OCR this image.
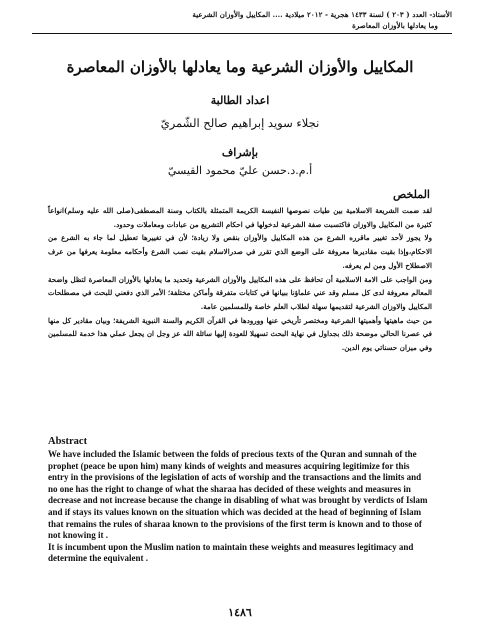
الأستاذ- العدد ( ٢٠٣ ) لسنة ١٤٣٣ هجرية - ٢٠١٢ ميلادية .... المكاييل والأوزان الشرعية
وما يعادلها بالأوزان المعاصرة
المكاييل والأوزان الشرعية وما يعادلها بالأوزان المعاصرة
اعداد الطالبة
نجلاء سويد إبراهيم صالح الشّمريّ
بإشراف
أ.م.د.حسن عليّ محمود القيسيّ
الملخص

لقد ضمت الشريعة الاسلامية بين طيات نصوصها النفيسة الكريمة المتمثلة بالكتاب وسنة المصطفى(صلى الله عليه وسلم)انواعاً كثيرة من المكاييل والاوزان فاكتسبت صفة الشرعية لدخولها في احكام التشريع من عبادات ومعاملات وحدود.

ولا يجوز لأحد تغيير ماقرره الشرع من هذه المكاييل والأوزان بنقص ولا زيادة؛ لأن في تغييرها تعطيل لما جاء به الشرع من الاحكام،وإذا بقيت مقاديرها معروفة على الوضع الذي تقرر في صدرالاسلام بقيت نصب الشرع وأحكامه معلومة يعرفها من عرف الاصطلاح الأول ومن لم يعرفه.

ومن الواجب على الامة الاسلامية أن تحافظ على هذه المكاييل والأوزان الشرعية وتحديد ما يعادلها بالأوزان المعاصرة لتظل واضحة المعالم معروفة لدى كل مسلم وقد عني علماؤنا ببيانها في كتابات متفرقة وأماكن مختلفة؛ الأمر الذي دفعني للبحث في مصطلحات المكاييل والاوزان الشرعية لتقديمها سهلة لطلاب العلم خاصة وللمسلمين عامة.

من حيث ماهيتها وأهميتها الشرعية ومختصر تأريخي عنها وورودها في القرآن الكريم والسنة النبوية الشريفة؛ وبيان مقادير كل منها في عصرنا الحالي موضحة ذلك بجداول في نهاية البحث تسهيلا للعودة إليها سائلة الله عز وجل ان يجعل عملي هذا خدمة للمسلمين وفي ميزان حسناتي يوم الدين.

Abstract

We have included the Islamic between the folds of precious texts of the Quran and sunnah of the prophet (peace be upon him) many kinds of weights and measures acquiring legitimize for this entry in the provisions of the legislation of acts of worship and the transactions and the limits and no one has the right to change of what the sharaa has decided of these weights and measures in decrease and not increase because the change in disabling of what was brought by verdicts of Islam and if stays its values known on the situation which was decided at the head of beginning of Islam that remains the rules of sharaa known to the provisions of the first term is known and to those of not knowing it .

It is incumbent upon the Muslim nation to maintain these weights and measures legitimacy and determine the equivalent .

١٤٨٦
